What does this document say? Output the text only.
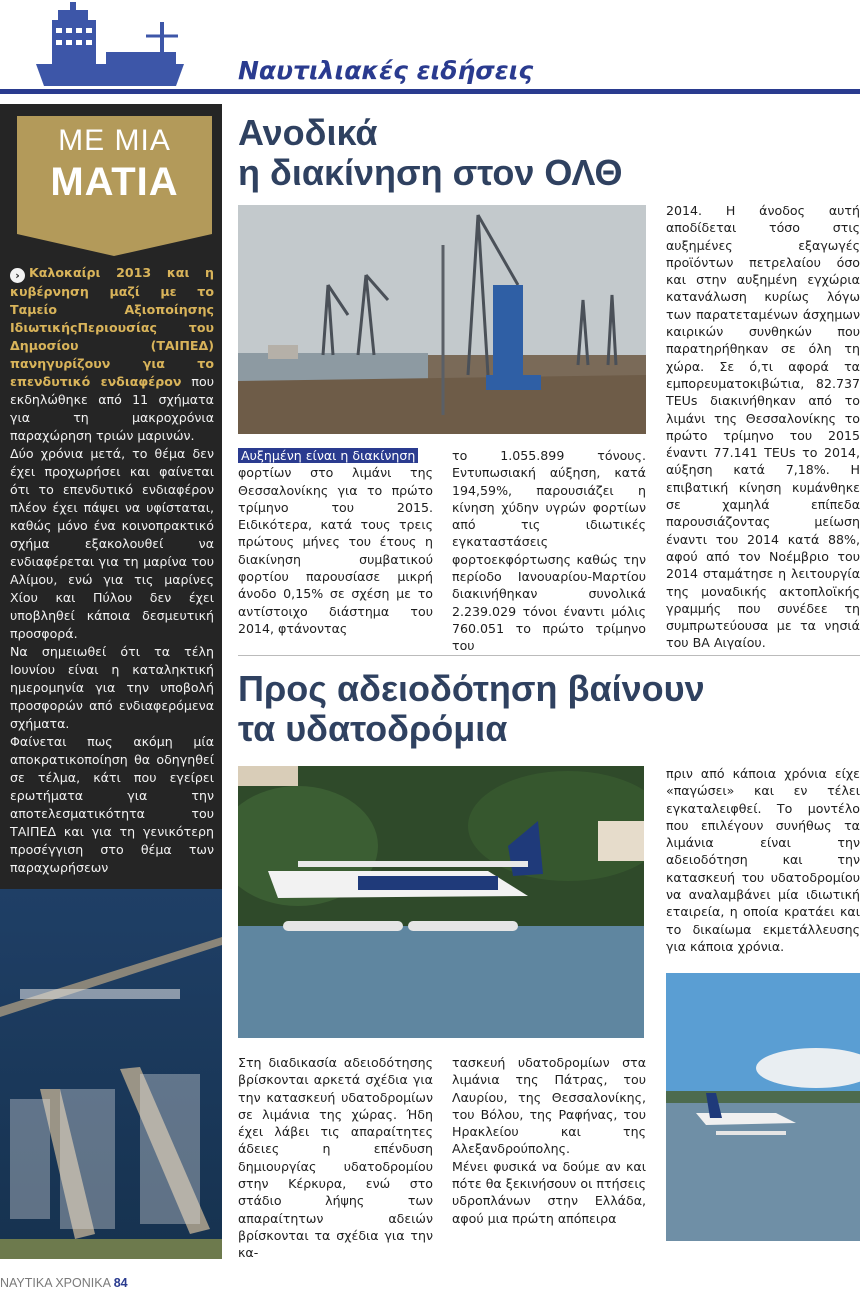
Ναυτιλιακές ειδήσεις
ΜΕ ΜΙΑ
ΜΑΤΙΑ

› Καλοκαίρι 2013 και η κυβέρνηση μαζί με το Ταμείο Αξιοποίησης ΙδιωτικήςΠεριουσίας του Δημοσίου (ΤΑΙΠΕΔ) πανηγυρίζουν για το επενδυτικό ενδιαφέρον που εκδηλώθηκε από 11 σχήματα για τη μακροχρόνια παραχώρηση τριών μαρινών.

Δύο χρόνια μετά, το θέμα δεν έχει προχωρήσει και φαίνεται ότι το επενδυτικό ενδιαφέρον πλέον έχει πάψει να υφίσταται, καθώς μόνο ένα κοινοπρακτικό σχήμα εξακολουθεί να ενδιαφέρεται για τη μαρίνα του Αλίμου, ενώ για τις μαρίνες Χίου και Πύλου δεν έχει υποβληθεί κάποια δεσμευτική προσφορά.

Να σημειωθεί ότι τα τέλη Ιουνίου είναι η καταληκτική ημερομηνία για την υποβολή προσφορών από ενδιαφερόμενα σχήματα.

Φαίνεται πως ακόμη μία αποκρατικοποίηση θα οδηγηθεί σε τέλμα, κάτι που εγείρει ερωτήματα για την αποτελεσματικότητα του ΤΑΙΠΕΔ και για τη γενικότερη προσέγγιση στο θέμα των παραχωρήσεων

ΝΑΥΤΙΚΑ ΧΡΟΝΙΚΑ 84
Ανοδικά
η διακίνηση στον ΟΛΘ

Αυξημένη είναι η διακίνηση

φορτίων στο λιμάνι της Θεσσαλονίκης για το πρώτο τρίμηνο του 2015. Ειδικότερα, κατά τους τρεις πρώτους μήνες του έτους η διακίνηση συμβατικού φορτίου παρουσίασε μικρή άνοδο 0,15% σε σχέση με το αντίστοιχο διάστημα του 2014, φτάνοντας

το 1.055.899 τόνους. Εντυπωσιακή αύξηση, κατά 194,59%, παρουσιάζει η κίνηση χύδην υγρών φορτίων από τις ιδιωτικές εγκαταστάσεις φορτοεκφόρτωσης καθώς την περίοδο Ιανουαρίου-Μαρτίου διακινήθηκαν συνολικά 2.239.029 τόνοι έναντι μόλις 760.051 το πρώτο τρίμηνο του

2014. Η άνοδος αυτή αποδίδεται τόσο στις αυξημένες εξαγωγές προϊόντων πετρελαίου όσο και στην αυξημένη εγχώρια κατανάλωση κυρίως λόγω των παρατεταμένων άσχημων καιρικών συνθηκών που παρατηρήθηκαν σε όλη τη χώρα. Σε ό,τι αφορά τα εμπορευματοκιβώτια, 82.737 TEUs διακινήθηκαν από το λιμάνι της Θεσσαλονίκης το πρώτο τρίμηνο του 2015 έναντι 77.141 TEUs το 2014, αύξηση κατά 7,18%. Η επιβατική κίνηση κυμάνθηκε σε χαμηλά επίπεδα παρουσιάζοντας μείωση έναντι του 2014 κατά 88%, αφού από τον Νοέμβριο του 2014 σταμάτησε η λειτουργία της μοναδικής ακτοπλοϊκής γραμμής που συνέδεε τη συμπρωτεύουσα με τα νησιά του ΒΑ Αιγαίου.

Προς αδειοδότηση βαίνουν
τα υδατοδρόμια

Στη διαδικασία αδειοδότησης βρίσκονται αρκετά σχέδια για την κατασκευή υδατοδρομίων σε λιμάνια της χώρας. Ήδη έχει λάβει τις απαραίτητες άδειες η επένδυση δημιουργίας υδατοδρομίου στην Κέρκυρα, ενώ στο στάδιο λήψης των απαραίτητων αδειών βρίσκονται τα σχέδια για την κα-

τασκευή υδατοδρομίων στα λιμάνια της Πάτρας, του Λαυρίου, της Θεσσαλονίκης, του Βόλου, της Ραφήνας, του Ηρακλείου και της Αλεξανδρούπολης.

Μένει φυσικά να δούμε αν και πότε θα ξεκινήσουν οι πτήσεις υδροπλάνων στην Ελλάδα, αφού μια πρώτη απόπειρα

πριν από κάποια χρόνια είχε «παγώσει» και εν τέλει εγκαταλειφθεί. Το μοντέλο που επιλέγουν συνήθως τα λιμάνια είναι την αδειοδότηση και την κατασκευή του υδατοδρομίου να αναλαμβάνει μία ιδιωτική εταιρεία, η οποία κρατάει και το δικαίωμα εκμετάλλευσης για κάποια χρόνια.
